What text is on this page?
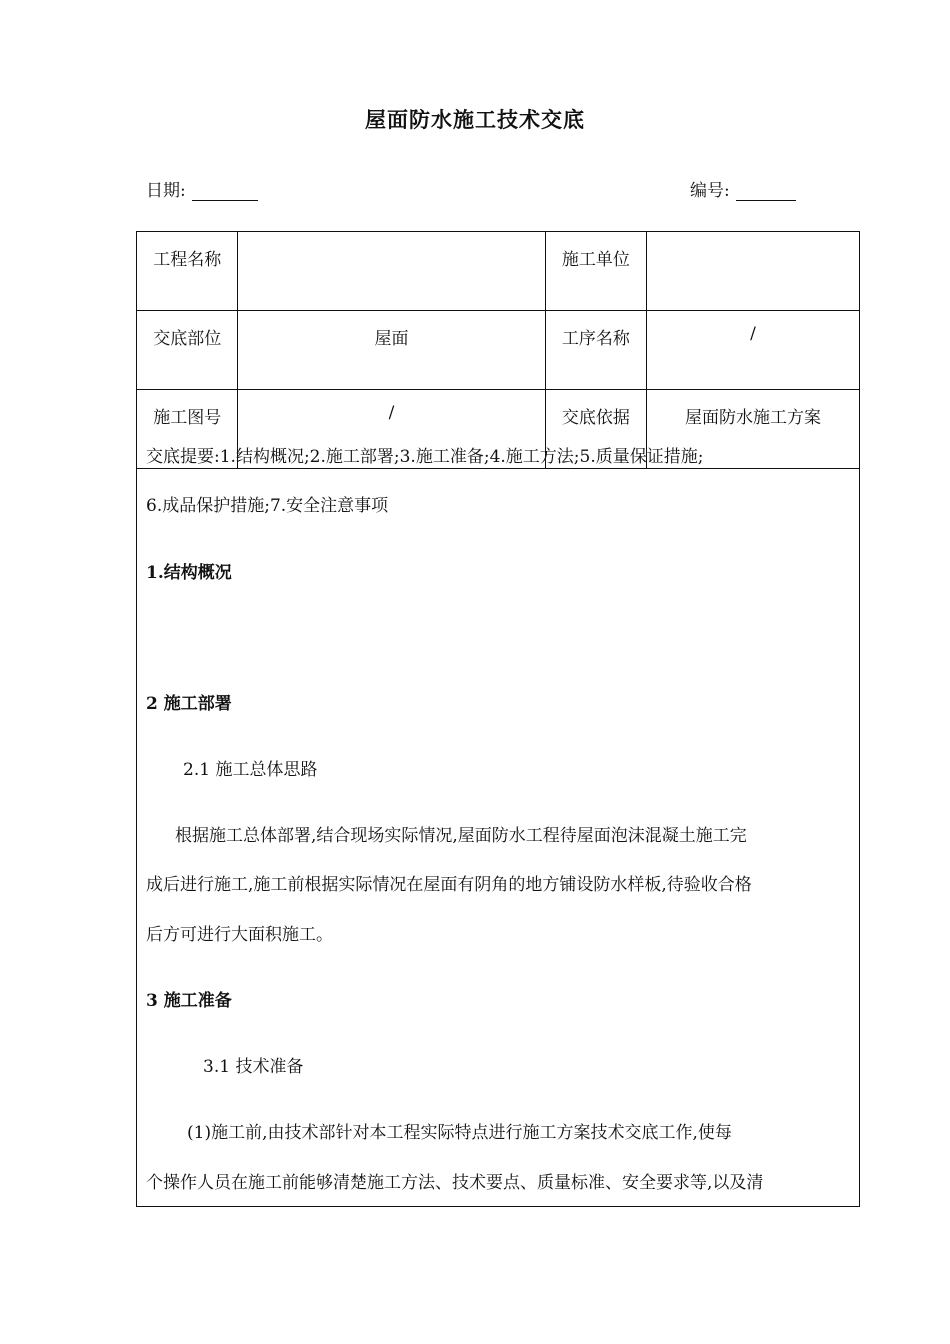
屋面防水施工技术交底
日期:	编号:
工程名称		施工单位	
交底部位	屋面	工序名称	/
施工图号	/	交底依据	屋面防水施工方案
交底提要:1.结构概况;2.施工部署;3.施工准备;4.施工方法;5.质量保证措施;
6.成品保护措施;7.安全注意事项
1.结构概况
2 施工部署
2.1 施工总体思路
根据施工总体部署,结合现场实际情况,屋面防水工程待屋面泡沫混凝土施工完
成后进行施工,施工前根据实际情况在屋面有阴角的地方铺设防水样板,待验收合格
后方可进行大面积施工。
3 施工准备
3.1 技术准备
(1)施工前,由技术部针对本工程实际特点进行施工方案技术交底工作,使每
个操作人员在施工前能够清楚施工方法、技术要点、质量标准、安全要求等,以及清
